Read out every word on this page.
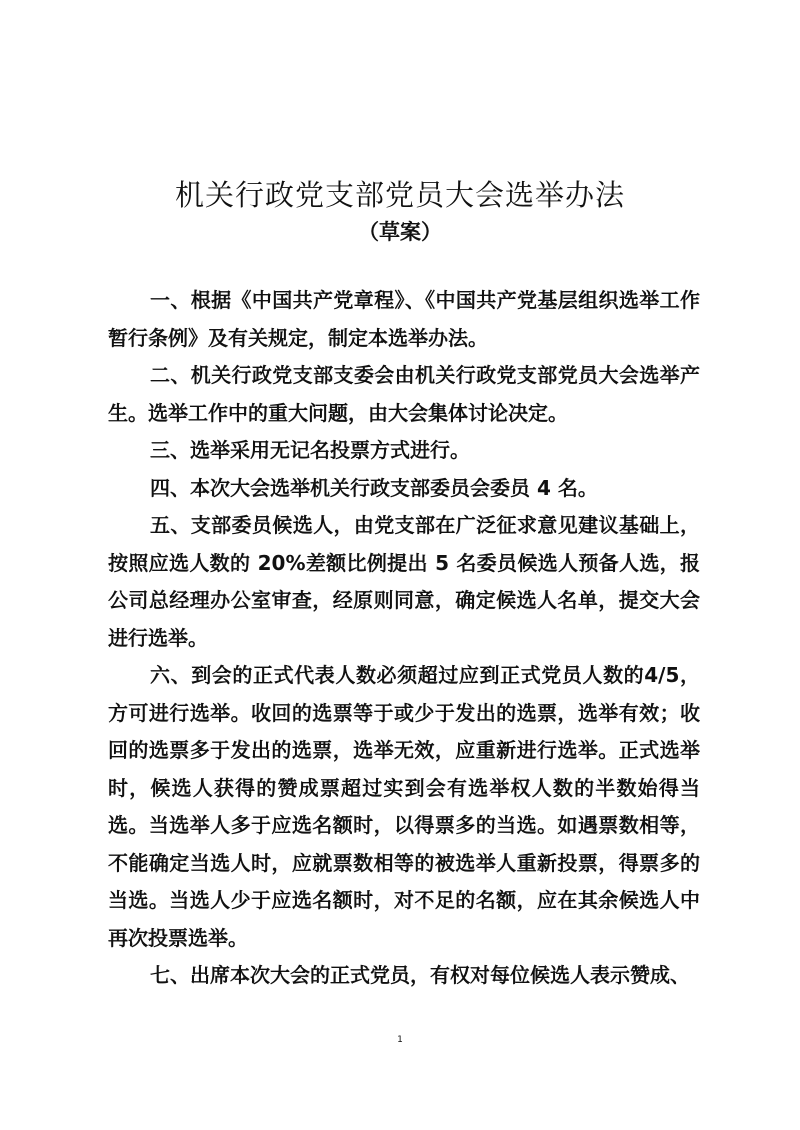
机关行政党支部党员大会选举办法
（草案）

一、根据《中国共产党章程》、《中国共产党基层组织选举工作暂行条例》及有关规定，制定本选举办法。

二、机关行政党支部支委会由机关行政党支部党员大会选举产生。选举工作中的重大问题，由大会集体讨论决定。

三、选举采用无记名投票方式进行。

四、本次大会选举机关行政支部委员会委员 4 名。

五、支部委员候选人，由党支部在广泛征求意见建议基础上，按照应选人数的 20%差额比例提出 5 名委员候选人预备人选，报公司总经理办公室审查，经原则同意，确定候选人名单，提交大会进行选举。

六、到会的正式代表人数必须超过应到正式党员人数的4/5，方可进行选举。收回的选票等于或少于发出的选票，选举有效；收回的选票多于发出的选票，选举无效，应重新进行选举。正式选举时，候选人获得的赞成票超过实到会有选举权人数的半数始得当选。当选举人多于应选名额时，以得票多的当选。如遇票数相等，不能确定当选人时，应就票数相等的被选举人重新投票，得票多的当选。当选人少于应选名额时，对不足的名额，应在其余候选人中再次投票选举。

七、出席本次大会的正式党员，有权对每位候选人表示赞成、

1
